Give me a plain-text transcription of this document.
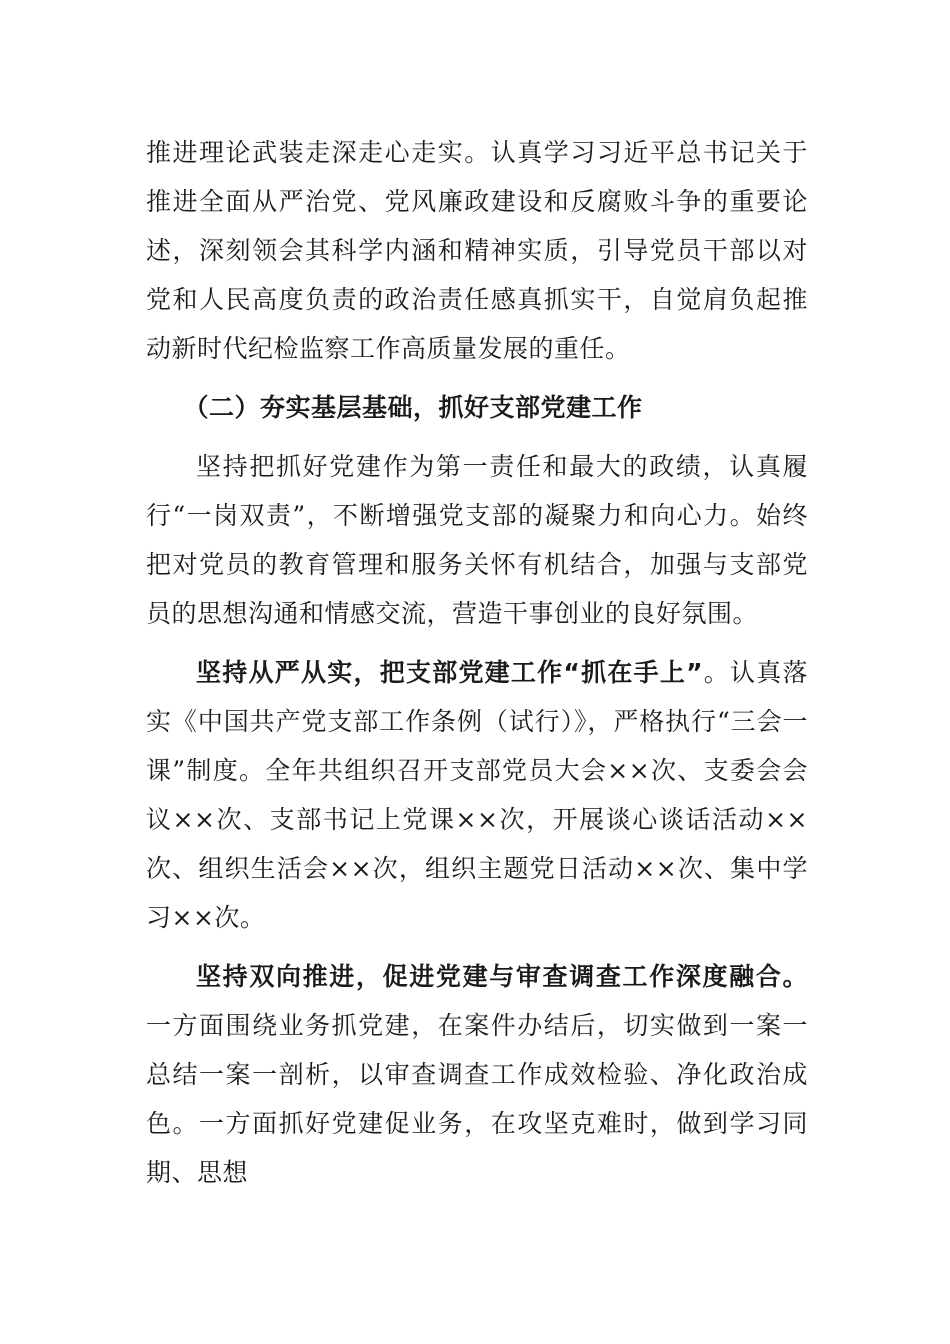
推进理论武装走深走心走实。认真学习习近平总书记关于推进全面从严治党、党风廉政建设和反腐败斗争的重要论述，深刻领会其科学内涵和精神实质，引导党员干部以对党和人民高度负责的政治责任感真抓实干，自觉肩负起推动新时代纪检监察工作高质量发展的重任。

（二）夯实基层基础，抓好支部党建工作

坚持把抓好党建作为第一责任和最大的政绩，认真履行“一岗双责”，不断增强党支部的凝聚力和向心力。始终把对党员的教育管理和服务关怀有机结合，加强与支部党员的思想沟通和情感交流，营造干事创业的良好氛围。

坚持从严从实，把支部党建工作“抓在手上”。认真落实《中国共产党支部工作条例（试行）》，严格执行“三会一课”制度。全年共组织召开支部党员大会××次、支委会会议××次、支部书记上党课××次，开展谈心谈话活动××次、组织生活会××次，组织主题党日活动××次、集中学习××次。

坚持双向推进，促进党建与审查调查工作深度融合。一方面围绕业务抓党建，在案件办结后，切实做到一案一总结一案一剖析，以审查调查工作成效检验、净化政治成色。一方面抓好党建促业务，在攻坚克难时，做到学习同期、思想
